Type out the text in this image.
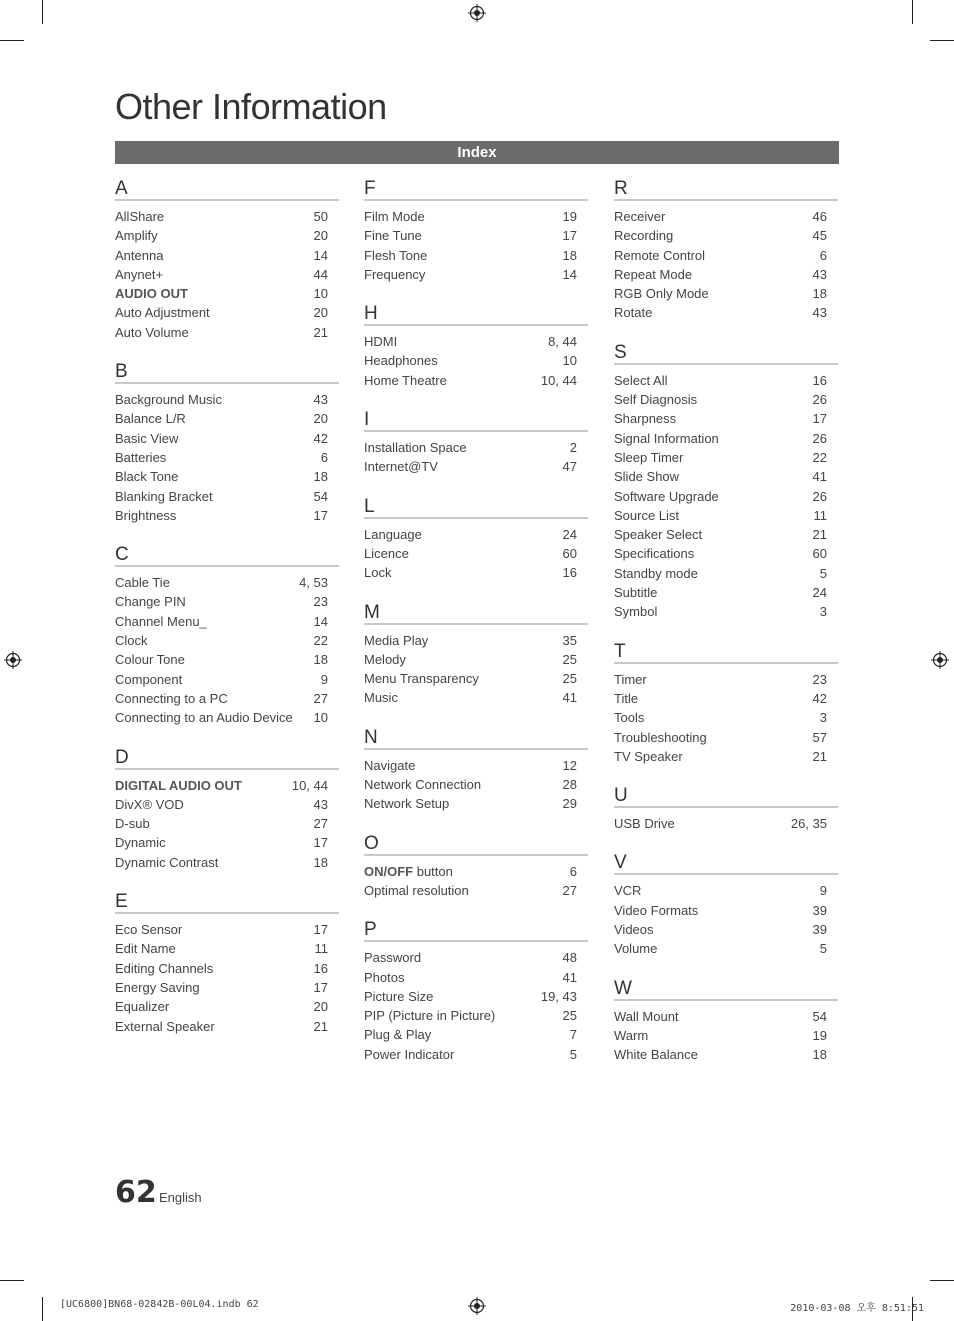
Other Information
Index
A
AllShare	50
Amplify	20
Antenna	14
Anynet+	44
AUDIO OUT	10
Auto Adjustment	20
Auto Volume	21
B
Background Music	43
Balance L/R	20
Basic View	42
Batteries	6
Black Tone	18
Blanking Bracket	54
Brightness	17
C
Cable Tie	4, 53
Change PIN	23
Channel Menu_	14
Clock	22
Colour Tone	18
Component	9
Connecting to a PC	27
Connecting to an Audio Device 10
D
DIGITAL AUDIO OUT	10, 44
DivX® VOD	43
D-sub	27
Dynamic	17
Dynamic Contrast	18
E
Eco Sensor	17
Edit Name	11
Editing Channels	16
Energy Saving	17
Equalizer	20
External Speaker	21
F
Film Mode	19
Fine Tune	17
Flesh Tone	18
Frequency	14
H
HDMI	8, 44
Headphones	10
Home Theatre	10, 44
I
Installation Space	2
Internet@TV	47
L
Language	24
Licence	60
Lock	16
M
Media Play	35
Melody	25
Menu Transparency	25
Music	41
N
Navigate	12
Network Connection	28
Network Setup	29
O
ON/OFF button	6
Optimal resolution	27
P
Password	48
Photos	41
Picture Size	19, 43
PIP (Picture in Picture)	25
Plug & Play	7
Power Indicator	5
R
Receiver	46
Recording	45
Remote Control	6
Repeat Mode	43
RGB Only Mode	18
Rotate	43
S
Select All	16
Self Diagnosis	26
Sharpness	17
Signal Information	26
Sleep Timer	22
Slide Show	41
Software Upgrade	26
Source List	11
Speaker Select	21
Specifications	60
Standby mode	5
Subtitle	24
Symbol	3
T
Timer	23
Title	42
Tools	3
Troubleshooting	57
TV Speaker	21
U
USB Drive	26, 35
V
VCR	9
Video Formats	39
Videos	39
Volume	5
W
Wall Mount	54
Warm	19
White Balance	18
62 English
[UC6800]BN68-02842B-00L04.indb 62	2010-03-08 오후 8:51:51
